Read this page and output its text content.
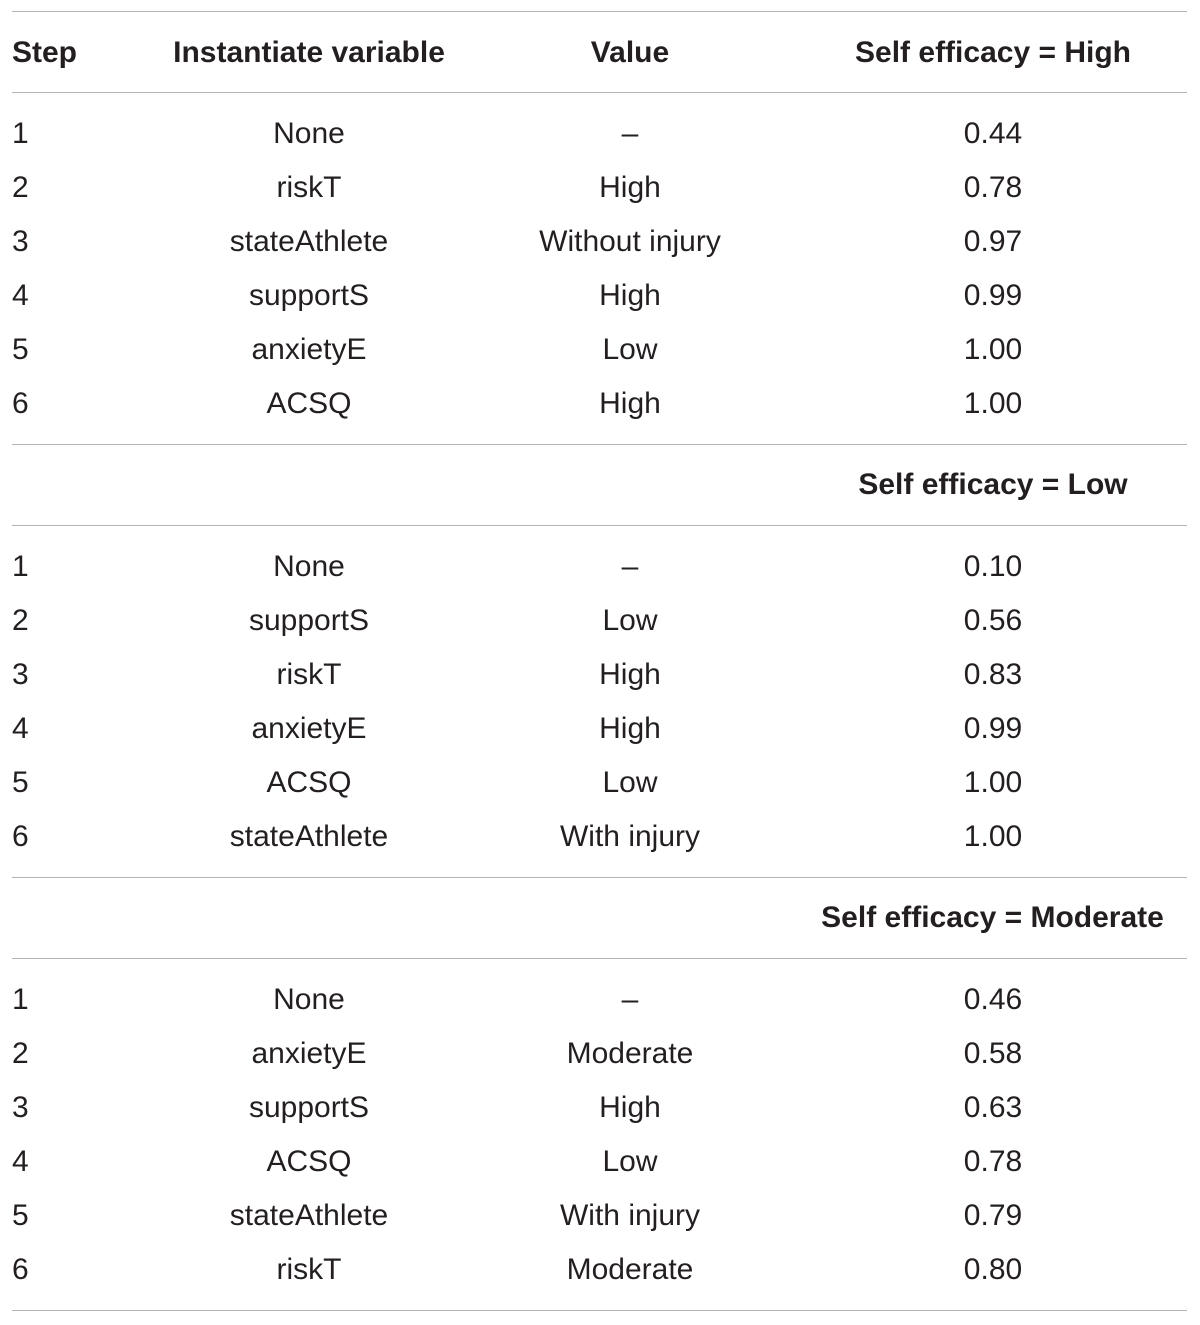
Step	Instantiate variable	Value	Self efficacy = High
1	None	–	0.44
2	riskT	High	0.78
3	stateAthlete	Without injury	0.97
4	supportS	High	0.99
5	anxietyE	Low	1.00
6	ACSQ	High	1.00
Self efficacy = Low
1	None	–	0.10
2	supportS	Low	0.56
3	riskT	High	0.83
4	anxietyE	High	0.99
5	ACSQ	Low	1.00
6	stateAthlete	With injury	1.00
Self efficacy = Moderate
1	None	–	0.46
2	anxietyE	Moderate	0.58
3	supportS	High	0.63
4	ACSQ	Low	0.78
5	stateAthlete	With injury	0.79
6	riskT	Moderate	0.80
